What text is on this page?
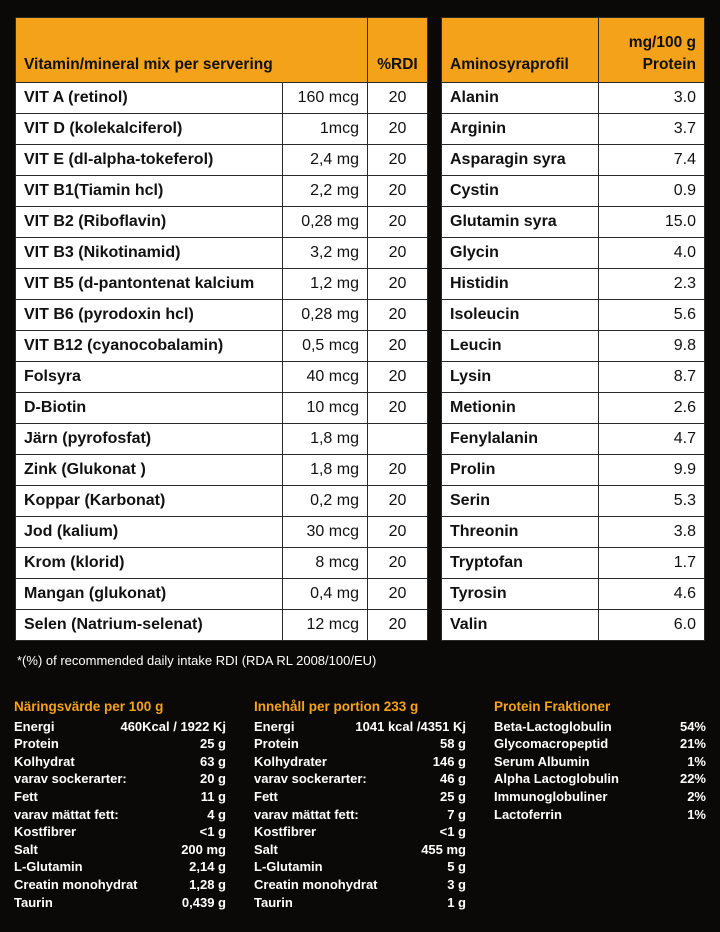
Vitamin/mineral mix per servering		%RDI
VIT A (retinol)	160 mcg	20
VIT D (kolekalciferol)	1mcg	20
VIT E (dl-alpha-tokeferol)	2,4 mg	20
VIT B1(Tiamin hcl)	2,2 mg	20
VIT B2 (Riboflavin)	0,28 mg	20
VIT B3 (Nikotinamid)	3,2 mg	20
VIT B5 (d-pantontenat kalcium	1,2 mg	20
VIT B6 (pyrodoxin hcl)	0,28 mg	20
VIT B12 (cyanocobalamin)	0,5 mcg	20
Folsyra	40 mcg	20
D-Biotin	10 mcg	20
Järn (pyrofosfat)	1,8 mg	
Zink (Glukonat )	1,8 mg	20
Koppar (Karbonat)	0,2 mg	20
Jod (kalium)	30 mcg	20
Krom (klorid)	8 mcg	20
Mangan (glukonat)	0,4 mg	20
Selen (Natrium-selenat)	12 mcg	20
Aminosyraprofil	mg/100 g
Protein

Alanin	3.0
Arginin	3.7
Asparagin syra	7.4
Cystin	0.9
Glutamin syra	15.0
Glycin	4.0
Histidin	2.3
Isoleucin	5.6
Leucin	9.8
Lysin	8.7
Metionin	2.6
Fenylalanin	4.7
Prolin	9.9
Serin	5.3
Threonin	3.8
Tryptofan	1.7
Tyrosin	4.6
Valin	6.0
*(%) of recommended daily intake RDI (RDA RL 2008/100/EU)
Näringsvärde per 100 g
Energi	460Kcal / 1922 Kj
Protein	25 g
Kolhydrat	63 g
varav sockerarter:	20 g
Fett	11 g
varav mättat fett:	4 g
Kostfibrer	<1 g
Salt	200 mg
L-Glutamin	2,14 g
Creatin monohydrat	1,28 g
Taurin	0,439 g
Innehåll per portion 233 g
Energi	1041 kcal /4351 Kj
Protein	58 g
Kolhydrater	146 g
varav sockerarter:	46 g
Fett	25 g
varav mättat fett:	7 g
Kostfibrer	<1 g
Salt	455 mg
L-Glutamin	5 g
Creatin monohydrat	3 g
Taurin	1 g
Protein Fraktioner
Beta-Lactoglobulin	54%
Glycomacropeptid	21%
Serum Albumin	1%
Alpha Lactoglobulin	22%
Immunoglobuliner	2%
Lactoferrin	1%
